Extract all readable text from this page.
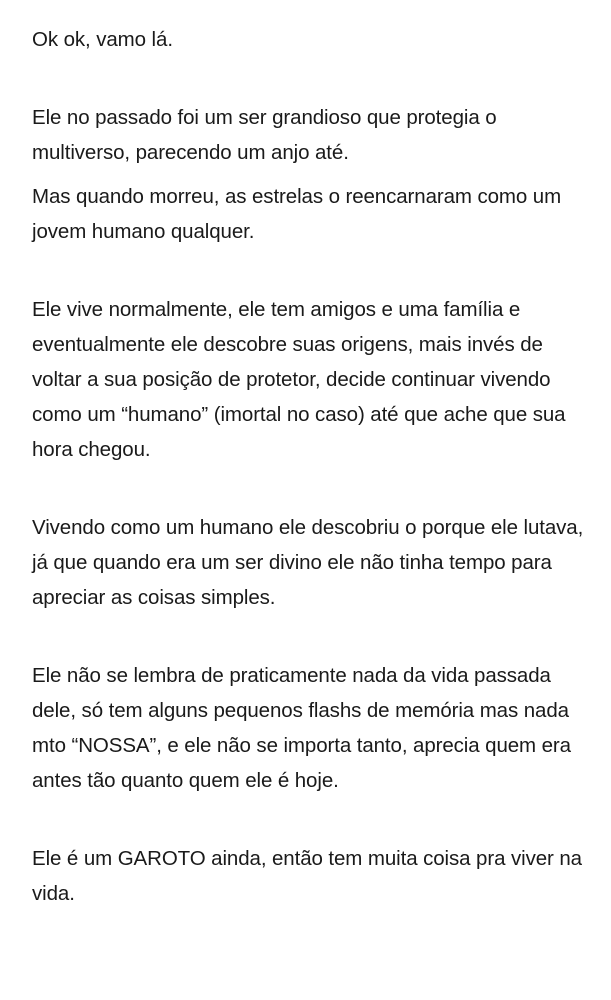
Ok ok, vamo lá.

Ele no passado foi um ser grandioso que protegia o multiverso, parecendo um anjo até.

Mas quando morreu, as estrelas o reencarnaram como um jovem humano qualquer.

Ele vive normalmente, ele tem amigos e uma família e eventualmente ele descobre suas origens, mais invés de voltar a sua posição de protetor, decide continuar vivendo como um “humano” (imortal no caso) até que ache que sua hora chegou.

Vivendo como um humano ele descobriu o porque ele lutava, já que quando era um ser divino ele não tinha tempo para apreciar as coisas simples.

Ele não se lembra de praticamente nada da vida passada dele, só tem alguns pequenos flashs de memória mas nada mto “NOSSA”, e ele não se importa tanto, aprecia quem era antes tão quanto quem ele é hoje.

Ele é um GAROTO ainda, então tem muita coisa pra viver na vida.
